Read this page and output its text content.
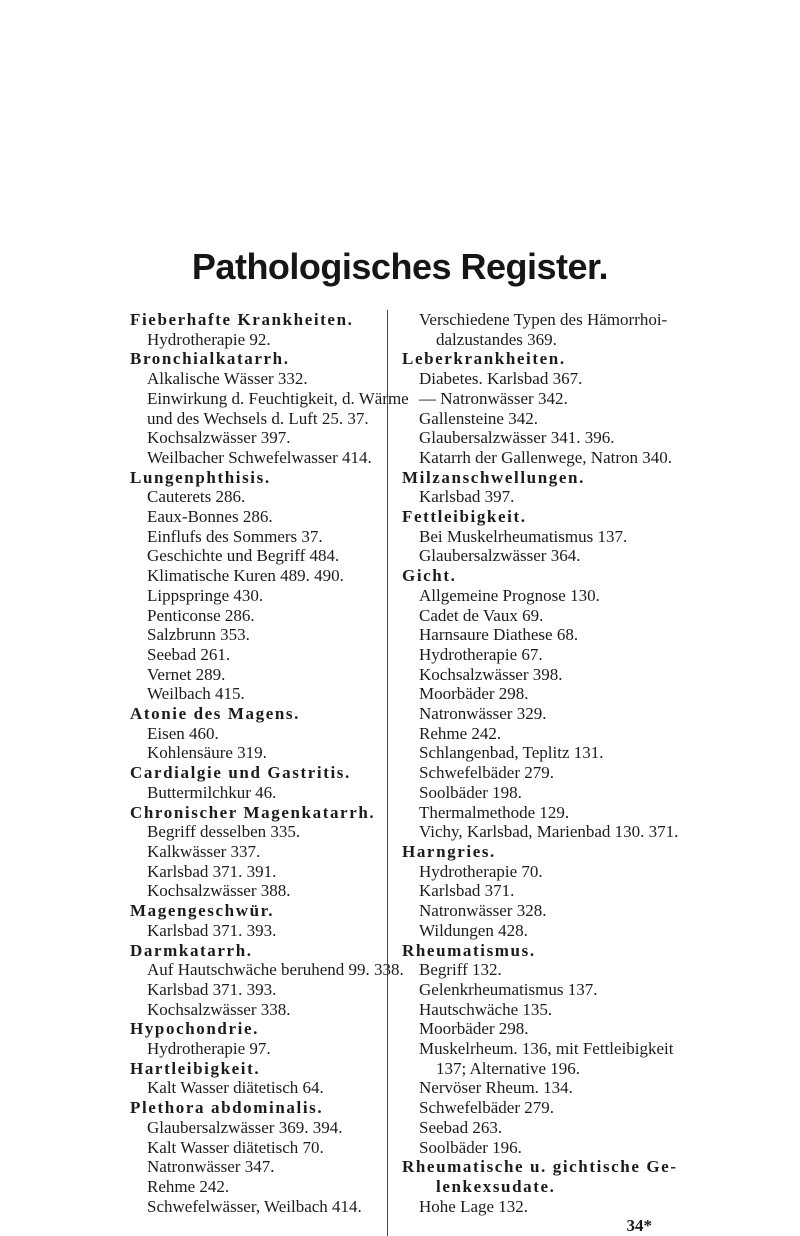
Pathologisches Register.
Fieberhafte Krankheiten.
Hydrotherapie 92.
Bronchialkatarrh.
Alkalische Wässer 332.
Einwirkung d. Feuchtigkeit, d. Wärme
und des Wechsels d. Luft 25. 37.
Kochsalzwässer 397.
Weilbacher Schwefelwasser 414.
Lungenphthisis.
Cauterets 286.
Eaux-Bonnes 286.
Einflufs des Sommers 37.
Geschichte und Begriff 484.
Klimatische Kuren 489. 490.
Lippspringe 430.
Penticonse 286.
Salzbrunn 353.
Seebad 261.
Vernet 289.
Weilbach 415.
Atonie des Magens.
Eisen 460.
Kohlensäure 319.
Cardialgie und Gastritis.
Buttermilchkur 46.
Chronischer Magenkatarrh.
Begriff desselben 335.
Kalkwässer 337.
Karlsbad 371. 391.
Kochsalzwässer 388.
Magengeschwür.
Karlsbad 371. 393.
Darmkatarrh.
Auf Hautschwäche beruhend 99. 338.
Karlsbad 371. 393.
Kochsalzwässer 338.
Hypochondrie.
Hydrotherapie 97.
Hartleibigkeit.
Kalt Wasser diätetisch 64.
Plethora abdominalis.
Glaubersalzwässer 369. 394.
Kalt Wasser diätetisch 70.
Natronwässer 347.
Rehme 242.
Schwefelwässer, Weilbach 414.
Verschiedene Typen des Hämorrhoi-
dalzustandes 369.
Leberkrankheiten.
Diabetes. Karlsbad 367.
— Natronwässer 342.
Gallensteine 342.
Glaubersalzwässer 341. 396.
Katarrh der Gallenwege, Natron 340.
Milzanschwellungen.
Karlsbad 397.
Fettleibigkeit.
Bei Muskelrheumatismus 137.
Glaubersalzwässer 364.
Gicht.
Allgemeine Prognose 130.
Cadet de Vaux 69.
Harnsaure Diathese 68.
Hydrotherapie 67.
Kochsalzwässer 398.
Moorbäder 298.
Natronwässer 329.
Rehme 242.
Schlangenbad, Teplitz 131.
Schwefelbäder 279.
Soolbäder 198.
Thermalmethode 129.
Vichy, Karlsbad, Marienbad 130. 371.
Harngries.
Hydrotherapie 70.
Karlsbad 371.
Natronwässer 328.
Wildungen 428.
Rheumatismus.
Begriff 132.
Gelenkrheumatismus 137.
Hautschwäche 135.
Moorbäder 298.
Muskelrheum. 136, mit Fettleibigkeit
137; Alternative 196.
Nervöser Rheum. 134.
Schwefelbäder 279.
Seebad 263.
Soolbäder 196.
Rheumatische u. gichtische Ge-
lenkexsudate.
Hohe Lage 132.
34*
